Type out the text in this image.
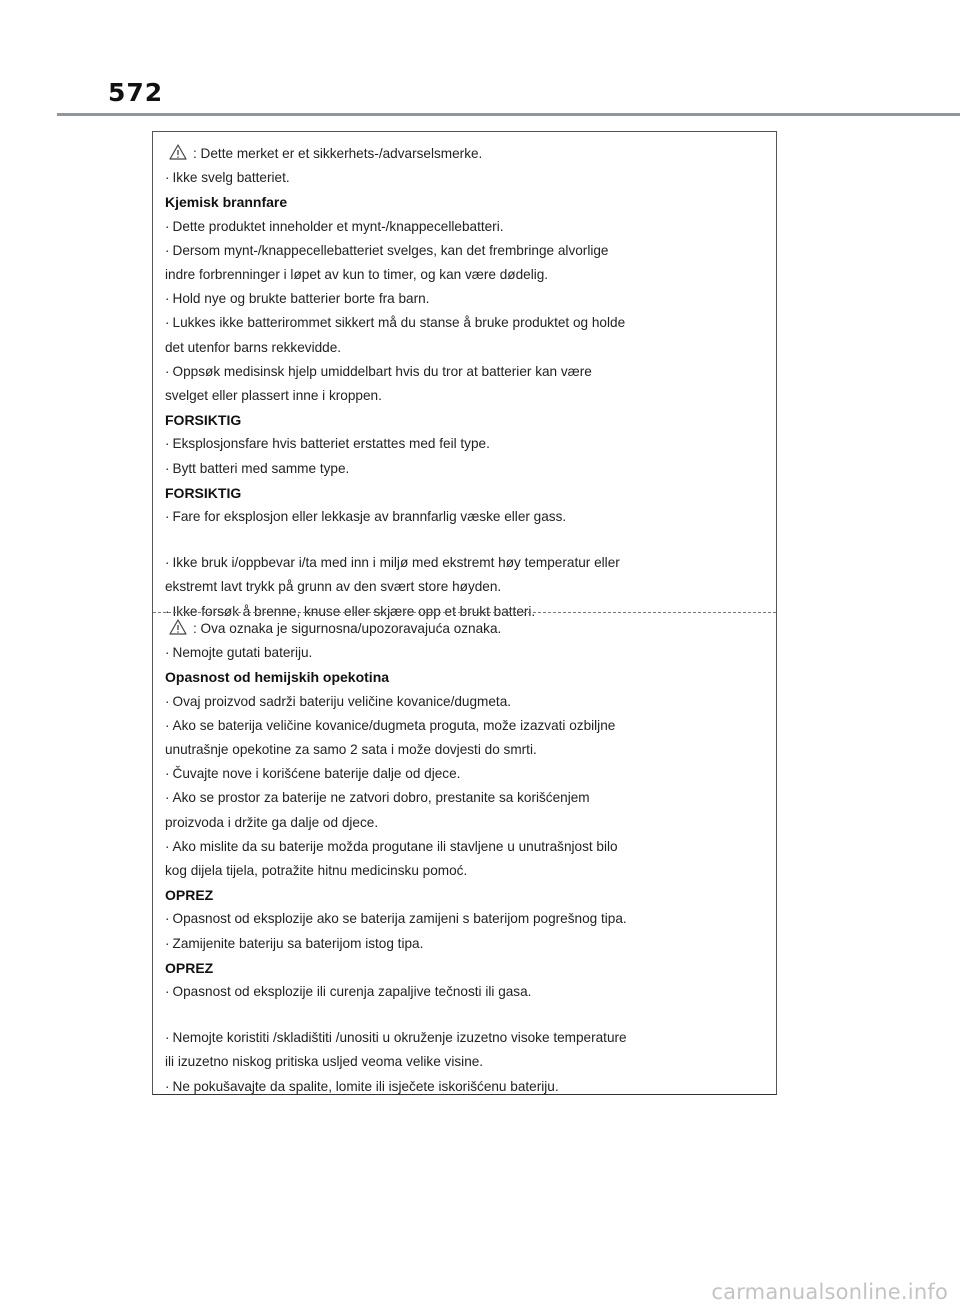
572
: Dette merket er et sikkerhets-/advarselsmerke.
· Ikke svelg batteriet.
Kjemisk brannfare
· Dette produktet inneholder et mynt-/knappecellebatteri.
· Dersom mynt-/knappecellebatteriet svelges, kan det frembringe alvorlige
indre forbrenninger i løpet av kun to timer, og kan være dødelig.
· Hold nye og brukte batterier borte fra barn.
· Lukkes ikke batterirommet sikkert må du stanse å bruke produktet og holde
det utenfor barns rekkevidde.
· Oppsøk medisinsk hjelp umiddelbart hvis du tror at batterier kan være
svelget eller plassert inne i kroppen.
FORSIKTIG
· Eksplosjonsfare hvis batteriet erstattes med feil type.
· Bytt batteri med samme type.
FORSIKTIG
· Fare for eksplosjon eller lekkasje av brannfarlig væske eller gass.
· Ikke bruk i/oppbevar i/ta med inn i miljø med ekstremt høy temperatur eller
ekstremt lavt trykk på grunn av den svært store høyden.
· Ikke forsøk å brenne, knuse eller skjære opp et brukt batteri.
: Ova oznaka je sigurnosna/upozoravajuća oznaka.
· Nemojte gutati bateriju.
Opasnost od hemijskih opekotina
· Ovaj proizvod sadrži bateriju veličine kovanice/dugmeta.
· Ako se baterija veličine kovanice/dugmeta proguta, može izazvati ozbiljne
unutrašnje opekotine za samo 2 sata i može dovjesti do smrti.
· Čuvajte nove i korišćene baterije dalje od djece.
· Ako se prostor za baterije ne zatvori dobro, prestanite sa korišćenjem
proizvoda i držite ga dalje od djece.
· Ako mislite da su baterije možda progutane ili stavljene u unutrašnjost bilo
kog dijela tijela, potražite hitnu medicinsku pomoć.
OPREZ
· Opasnost od eksplozije ako se baterija zamijeni s baterijom pogrešnog tipa.
· Zamijenite bateriju sa baterijom istog tipa.
OPREZ
· Opasnost od eksplozije ili curenja zapaljive tečnosti ili gasa.
· Nemojte koristiti /skladištiti /unositi u okruženje izuzetno visoke temperature
ili izuzetno niskog pritiska usljed veoma velike visine.
· Ne pokušavajte da spalite, lomite ili isječete iskorišćenu bateriju.
carmanualsonline.info
